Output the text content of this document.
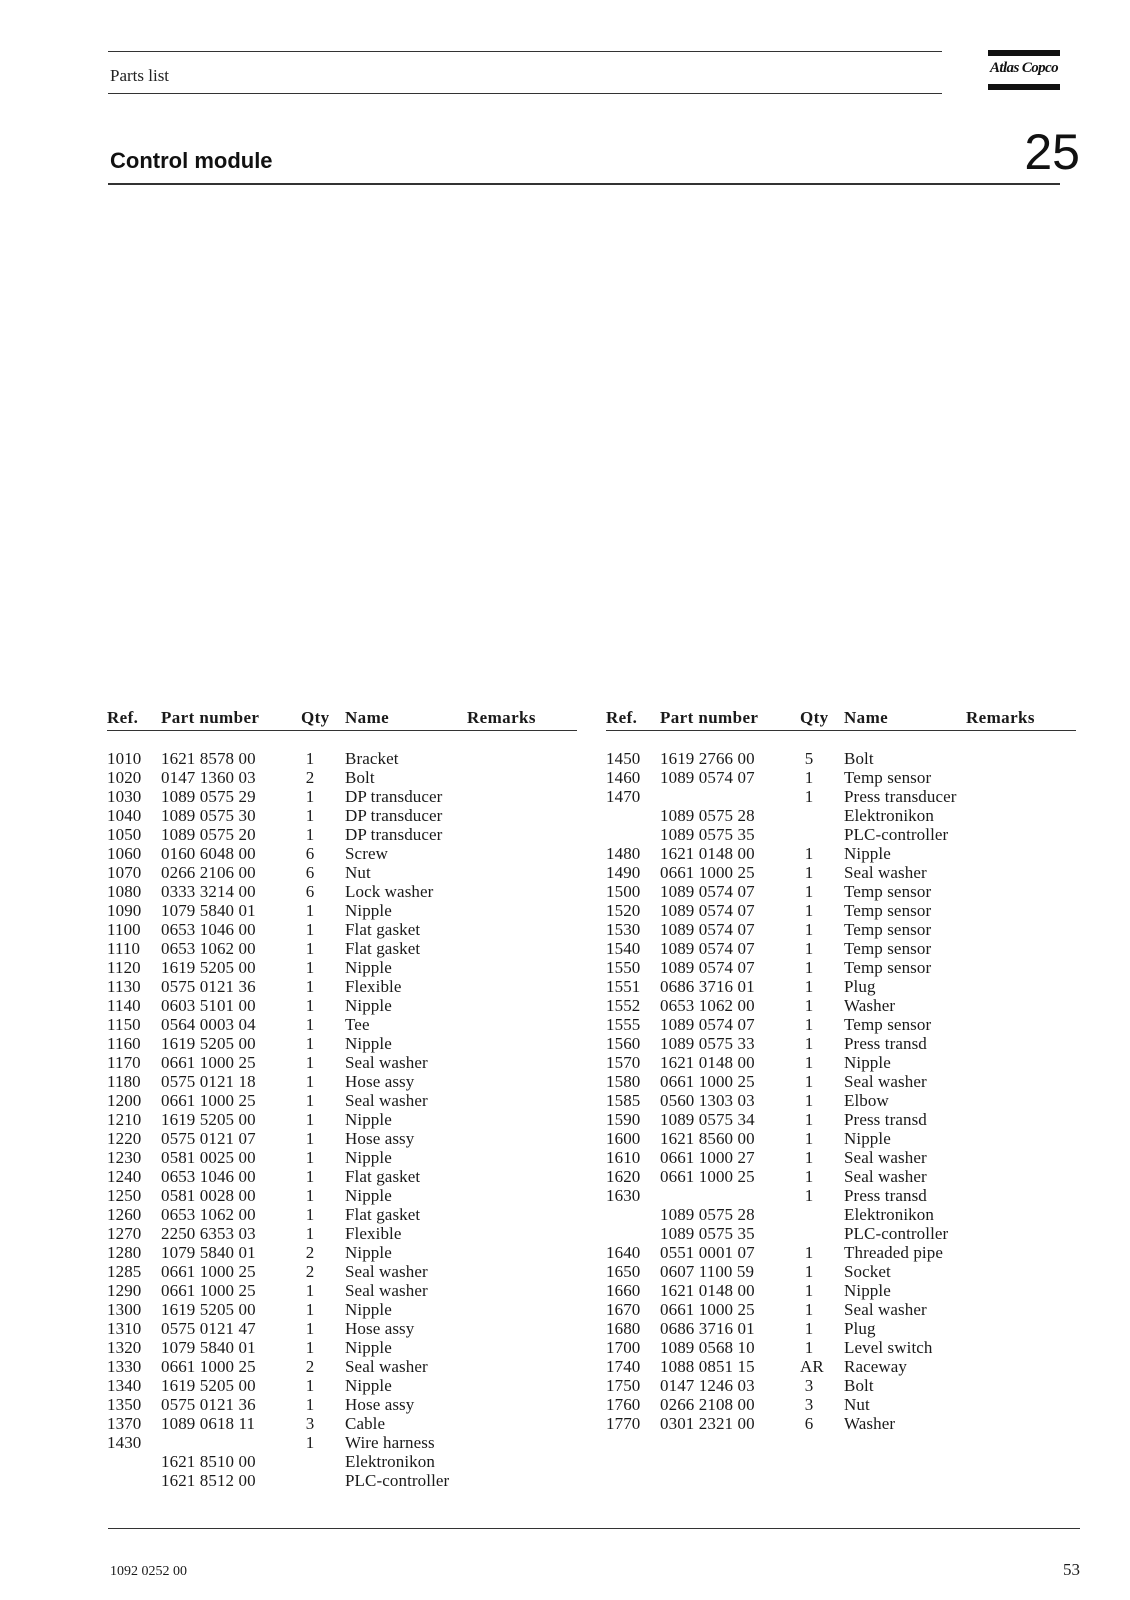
Parts list	Atlas Copco
Control module	25
Ref. Part number Qty Name	Remarks
1010 1621 8578 00	1 Bracket
1020 0147 1360 03	2 Bolt
1030 1089 0575 29	1 DP transducer
1040 1089 0575 30	1 DP transducer
1050 1089 0575 20	1 DP transducer
1060 0160 6048 00	6 Screw
1070 0266 2106 00	6 Nut
1080 0333 3214 00	6 Lock washer
1090 1079 5840 01	1 Nipple
1100 0653 1046 00	1 Flat gasket
1110 0653 1062 00	1 Flat gasket
1120 1619 5205 00	1 Nipple
1130 0575 0121 36	1 Flexible
1140 0603 5101 00	1 Nipple
1150 0564 0003 04	1 Tee
1160 1619 5205 00	1 Nipple
1170 0661 1000 25	1 Seal washer
1180 0575 0121 18	1 Hose assy
1200 0661 1000 25	1 Seal washer
1210 1619 5205 00	1 Nipple
1220 0575 0121 07	1 Hose assy
1230 0581 0025 00	1 Nipple
1240 0653 1046 00	1 Flat gasket
1250 0581 0028 00	1 Nipple
1260 0653 1062 00	1 Flat gasket
1270 2250 6353 03	1 Flexible
1280 1079 5840 01	2 Nipple
1285 0661 1000 25	2 Seal washer
1290 0661 1000 25	1 Seal washer
1300 1619 5205 00	1 Nipple
1310 0575 0121 47	1 Hose assy
1320 1079 5840 01	1 Nipple
1330 0661 1000 25	2 Seal washer
1340 1619 5205 00	1 Nipple
1350 0575 0121 36	1 Hose assy
1370 1089 0618 11	3 Cable
1430	1 Wire harness
1621 8510 00	Elektronikon
1621 8512 00	PLC-controller
Ref. Part number Qty Name	Remarks
1450 1619 2766 00	5 Bolt
1460 1089 0574 07	1 Temp sensor
1470	1 Press transducer
1089 0575 28	Elektronikon
1089 0575 35	PLC-controller
1480 1621 0148 00	1 Nipple
1490 0661 1000 25	1 Seal washer
1500 1089 0574 07	1 Temp sensor
1520 1089 0574 07	1 Temp sensor
1530 1089 0574 07	1 Temp sensor
1540 1089 0574 07	1 Temp sensor
1550 1089 0574 07	1 Temp sensor
1551 0686 3716 01	1 Plug
1552 0653 1062 00	1 Washer
1555 1089 0574 07	1 Temp sensor
1560 1089 0575 33	1 Press transd
1570 1621 0148 00	1 Nipple
1580 0661 1000 25	1 Seal washer
1585 0560 1303 03	1 Elbow
1590 1089 0575 34	1 Press transd
1600 1621 8560 00	1 Nipple
1610 0661 1000 27	1 Seal washer
1620 0661 1000 25	1 Seal washer
1630	1 Press transd
1089 0575 28	Elektronikon
1089 0575 35	PLC-controller
1640 0551 0001 07	1 Threaded pipe
1650 0607 1100 59	1 Socket
1660 1621 0148 00	1 Nipple
1670 0661 1000 25	1 Seal washer
1680 0686 3716 01	1 Plug
1700 1089 0568 10	1 Level switch
1740 1088 0851 15	AR Raceway
1750 0147 1246 03	3 Bolt
1760 0266 2108 00	3 Nut
1770 0301 2321 00	6 Washer
1092 0252 00	53
